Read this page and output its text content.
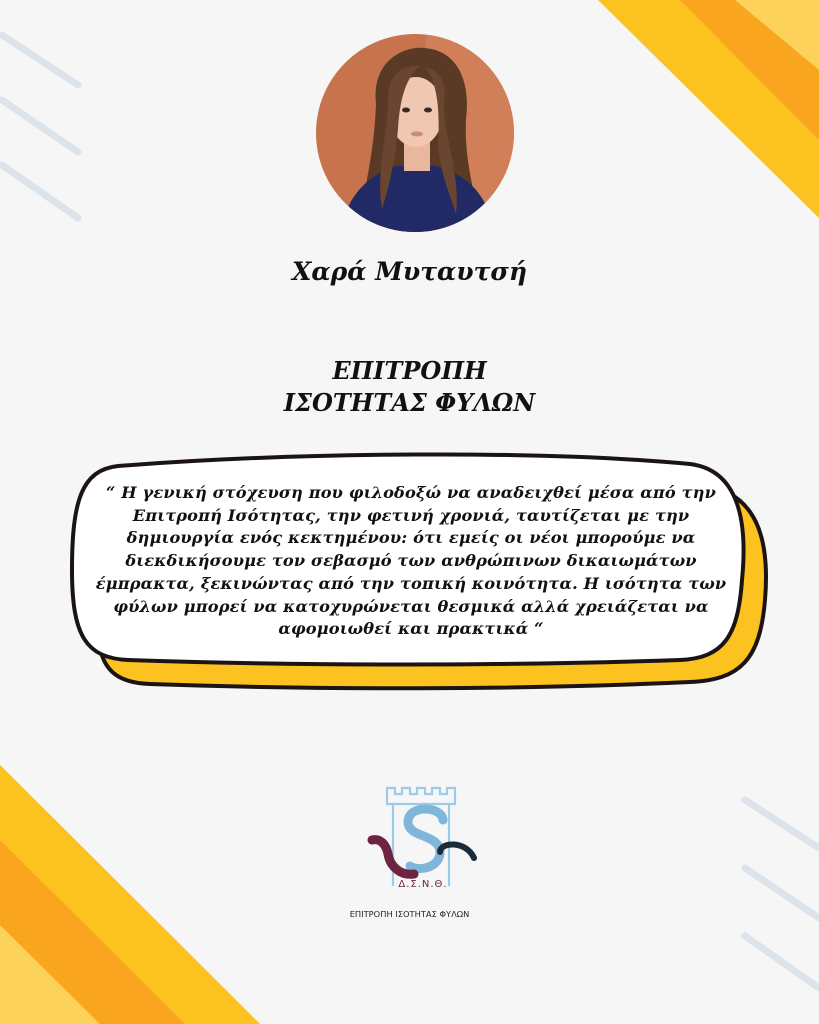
Χαρά Μυταυτσή
ΕΠΙΤΡΟΠΗ
ΙΣΟΤΗΤΑΣ ΦΥΛΩΝ
“ Η γενική στόχευση που φιλοδοξώ να αναδειχθεί μέσα από την Επιτροπή Ισότητας, την φετινή χρονιά, ταυτίζεται με την δημιουργία ενός κεκτημένου: ότι εμείς οι νέοι μπορούμε να διεκδικήσουμε τον σεβασμό των ανθρώπινων δικαιωμάτων έμπρακτα, ξεκινώντας από την τοπική κοινότητα. Η ισότητα των φύλων μπορεί να κατοχυρώνεται θεσμικά αλλά χρειάζεται να αφομοιωθεί και πρακτικά “
Δ.Σ.Ν.Θ.
ΕΠΙΤΡΟΠΗ ΙΣΟΤΗΤΑΣ ΦΥΛΩΝ
